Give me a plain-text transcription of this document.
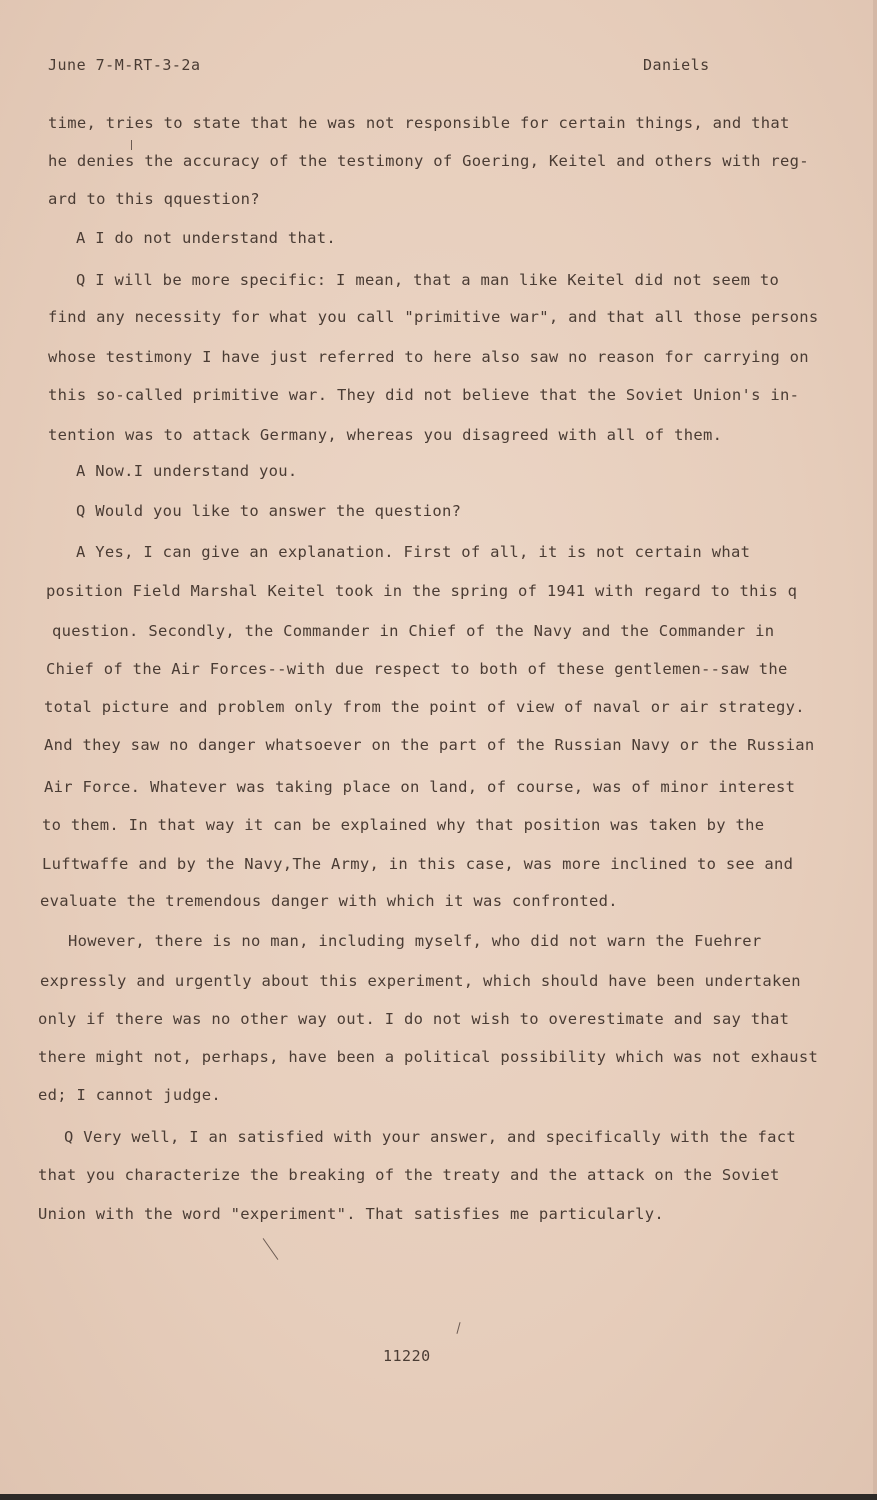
June 7-M-RT-3-2a	Daniels
time, tries to state that he was not responsible for certain things, and that
he denies the accuracy of the testimony of Goering, Keitel and others with reg-
ard to this qquestion?
A I do not understand that.
Q I will be more specific: I mean, that a man like Keitel did not seem to
find any necessity for what you call "primitive war", and that all those persons
whose testimony I have just referred to here also saw no reason for carrying on
this so-called primitive war. They did not believe that the Soviet Union's in-
tention was to attack Germany, whereas you disagreed with all of them.
A Now.I understand you.
Q Would you like to answer the question?
A Yes, I can give an explanation. First of all, it is not certain what
position Field Marshal Keitel took in the spring of 1941 with regard to this q
question. Secondly, the Commander in Chief of the Navy and the Commander in
Chief of the Air Forces--with due respect to both of these gentlemen--saw the
total picture and problem only from the point of view of naval or air strategy.
And they saw no danger whatsoever on the part of the Russian Navy or the Russian
Air Force. Whatever was taking place on land, of course, was of minor interest
to them. In that way it can be explained why that position was taken by the
Luftwaffe and by the Navy,The Army, in this case, was more inclined to see and
evaluate the tremendous danger with which it was confronted.
However, there is no man, including myself, who did not warn the Fuehrer
expressly and urgently about this experiment, which should have been undertaken
only if there was no other way out. I do not wish to overestimate and say that
there might not, perhaps, have been a political possibility which was not exhaust
ed; I cannot judge.
Q Very well, I an satisfied with your answer, and specifically with the fact
that you characterize the breaking of the treaty and the attack on the Soviet
Union with the word "experiment". That satisfies me particularly.
11220
